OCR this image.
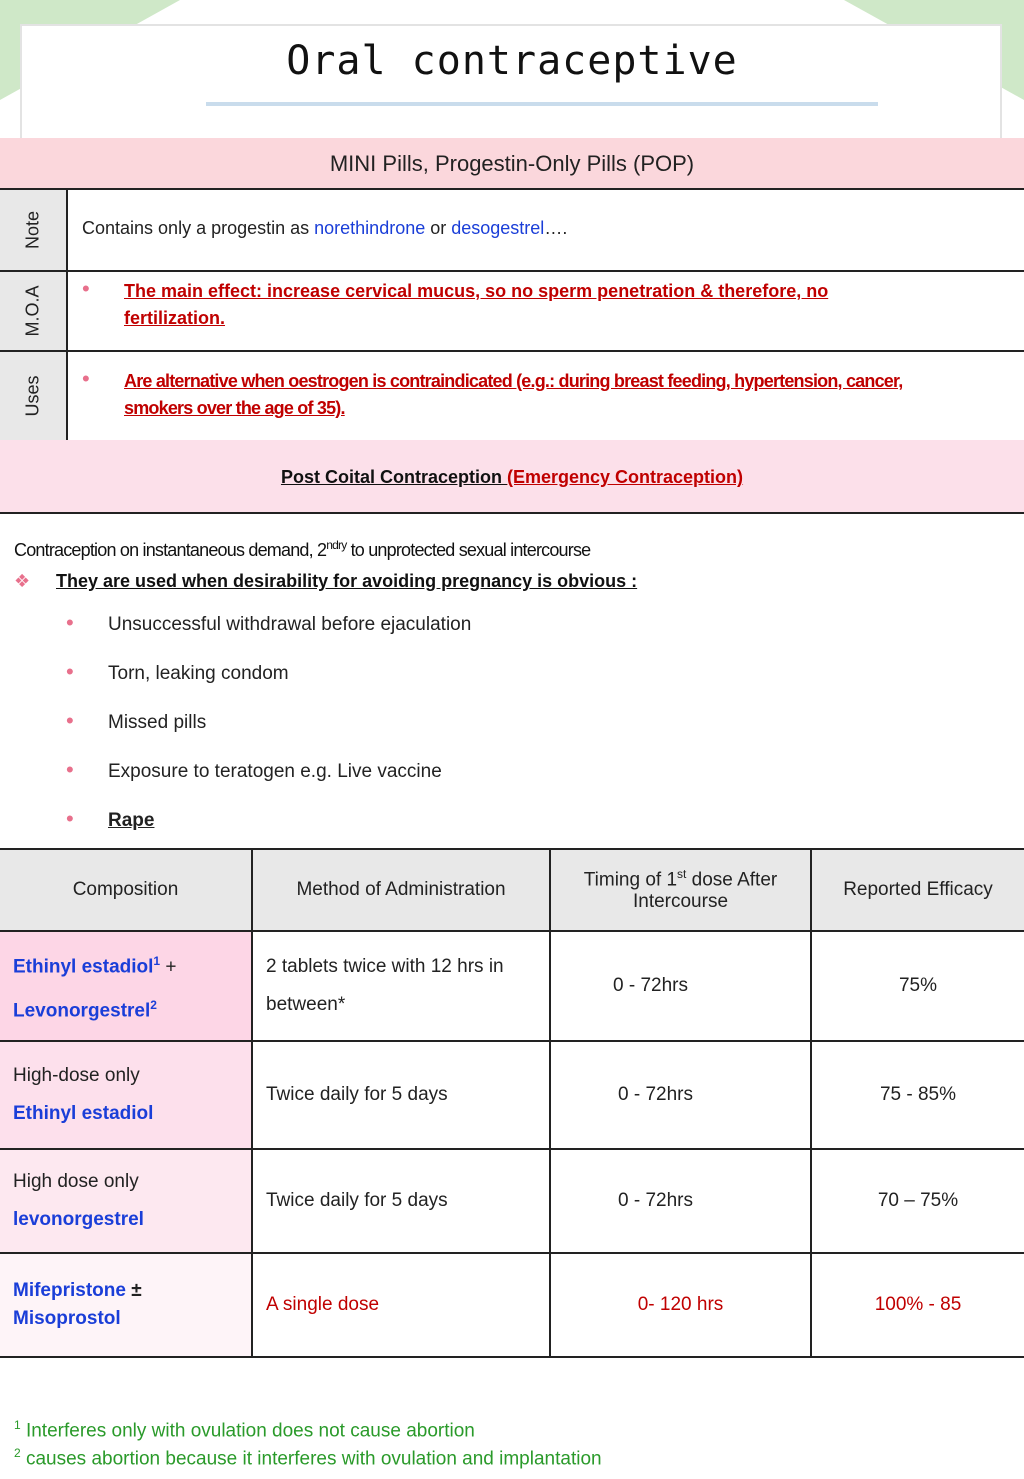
Oral contraceptive
MINI Pills, Progestin-Only Pills (POP)
Note Contains only a progestin as norethindrone or desogestrel….
M.O.A • The main effect: increase cervical mucus, so no sperm penetration & therefore, no
fertilization.
Uses • Are alternative when oestrogen is contraindicated (e.g.: during breast feeding, hypertension, cancer,
smokers over the age of 35).
Post Coital Contraception (Emergency Contraception)
Contraception on instantaneous demand, $2^{ndry}$ to unprotected sexual intercourse
❖ They are used when desirability for avoiding pregnancy is obvious :
• Unsuccessful withdrawal before ejaculation
• Torn, leaking condom
• Missed pills
• Exposure to teratogen e.g. Live vaccine
• Rape
Composition	Method of Administration	Timing of 1st dose After
Intercourse	Reported Efficacy
Ethinyl estadiol$^1$ +
Levonorgestrel$^2$	2 tablets twice with 12 hrs in
between*	0 - 72hrs	75%
High-dose only
Ethinyl estadiol	Twice daily for 5 days	0 - 72hrs	75 - 85%
High dose only
levonorgestrel	Twice daily for 5 days	0 - 72hrs	70 – 75%
Mifepristone ±
Misoprostol	A single dose	0- 120 hrs	100% - 85
$^1$ Interferes only with ovulation does not cause abortion
$^2$ causes abortion because it interferes with ovulation and implantation
